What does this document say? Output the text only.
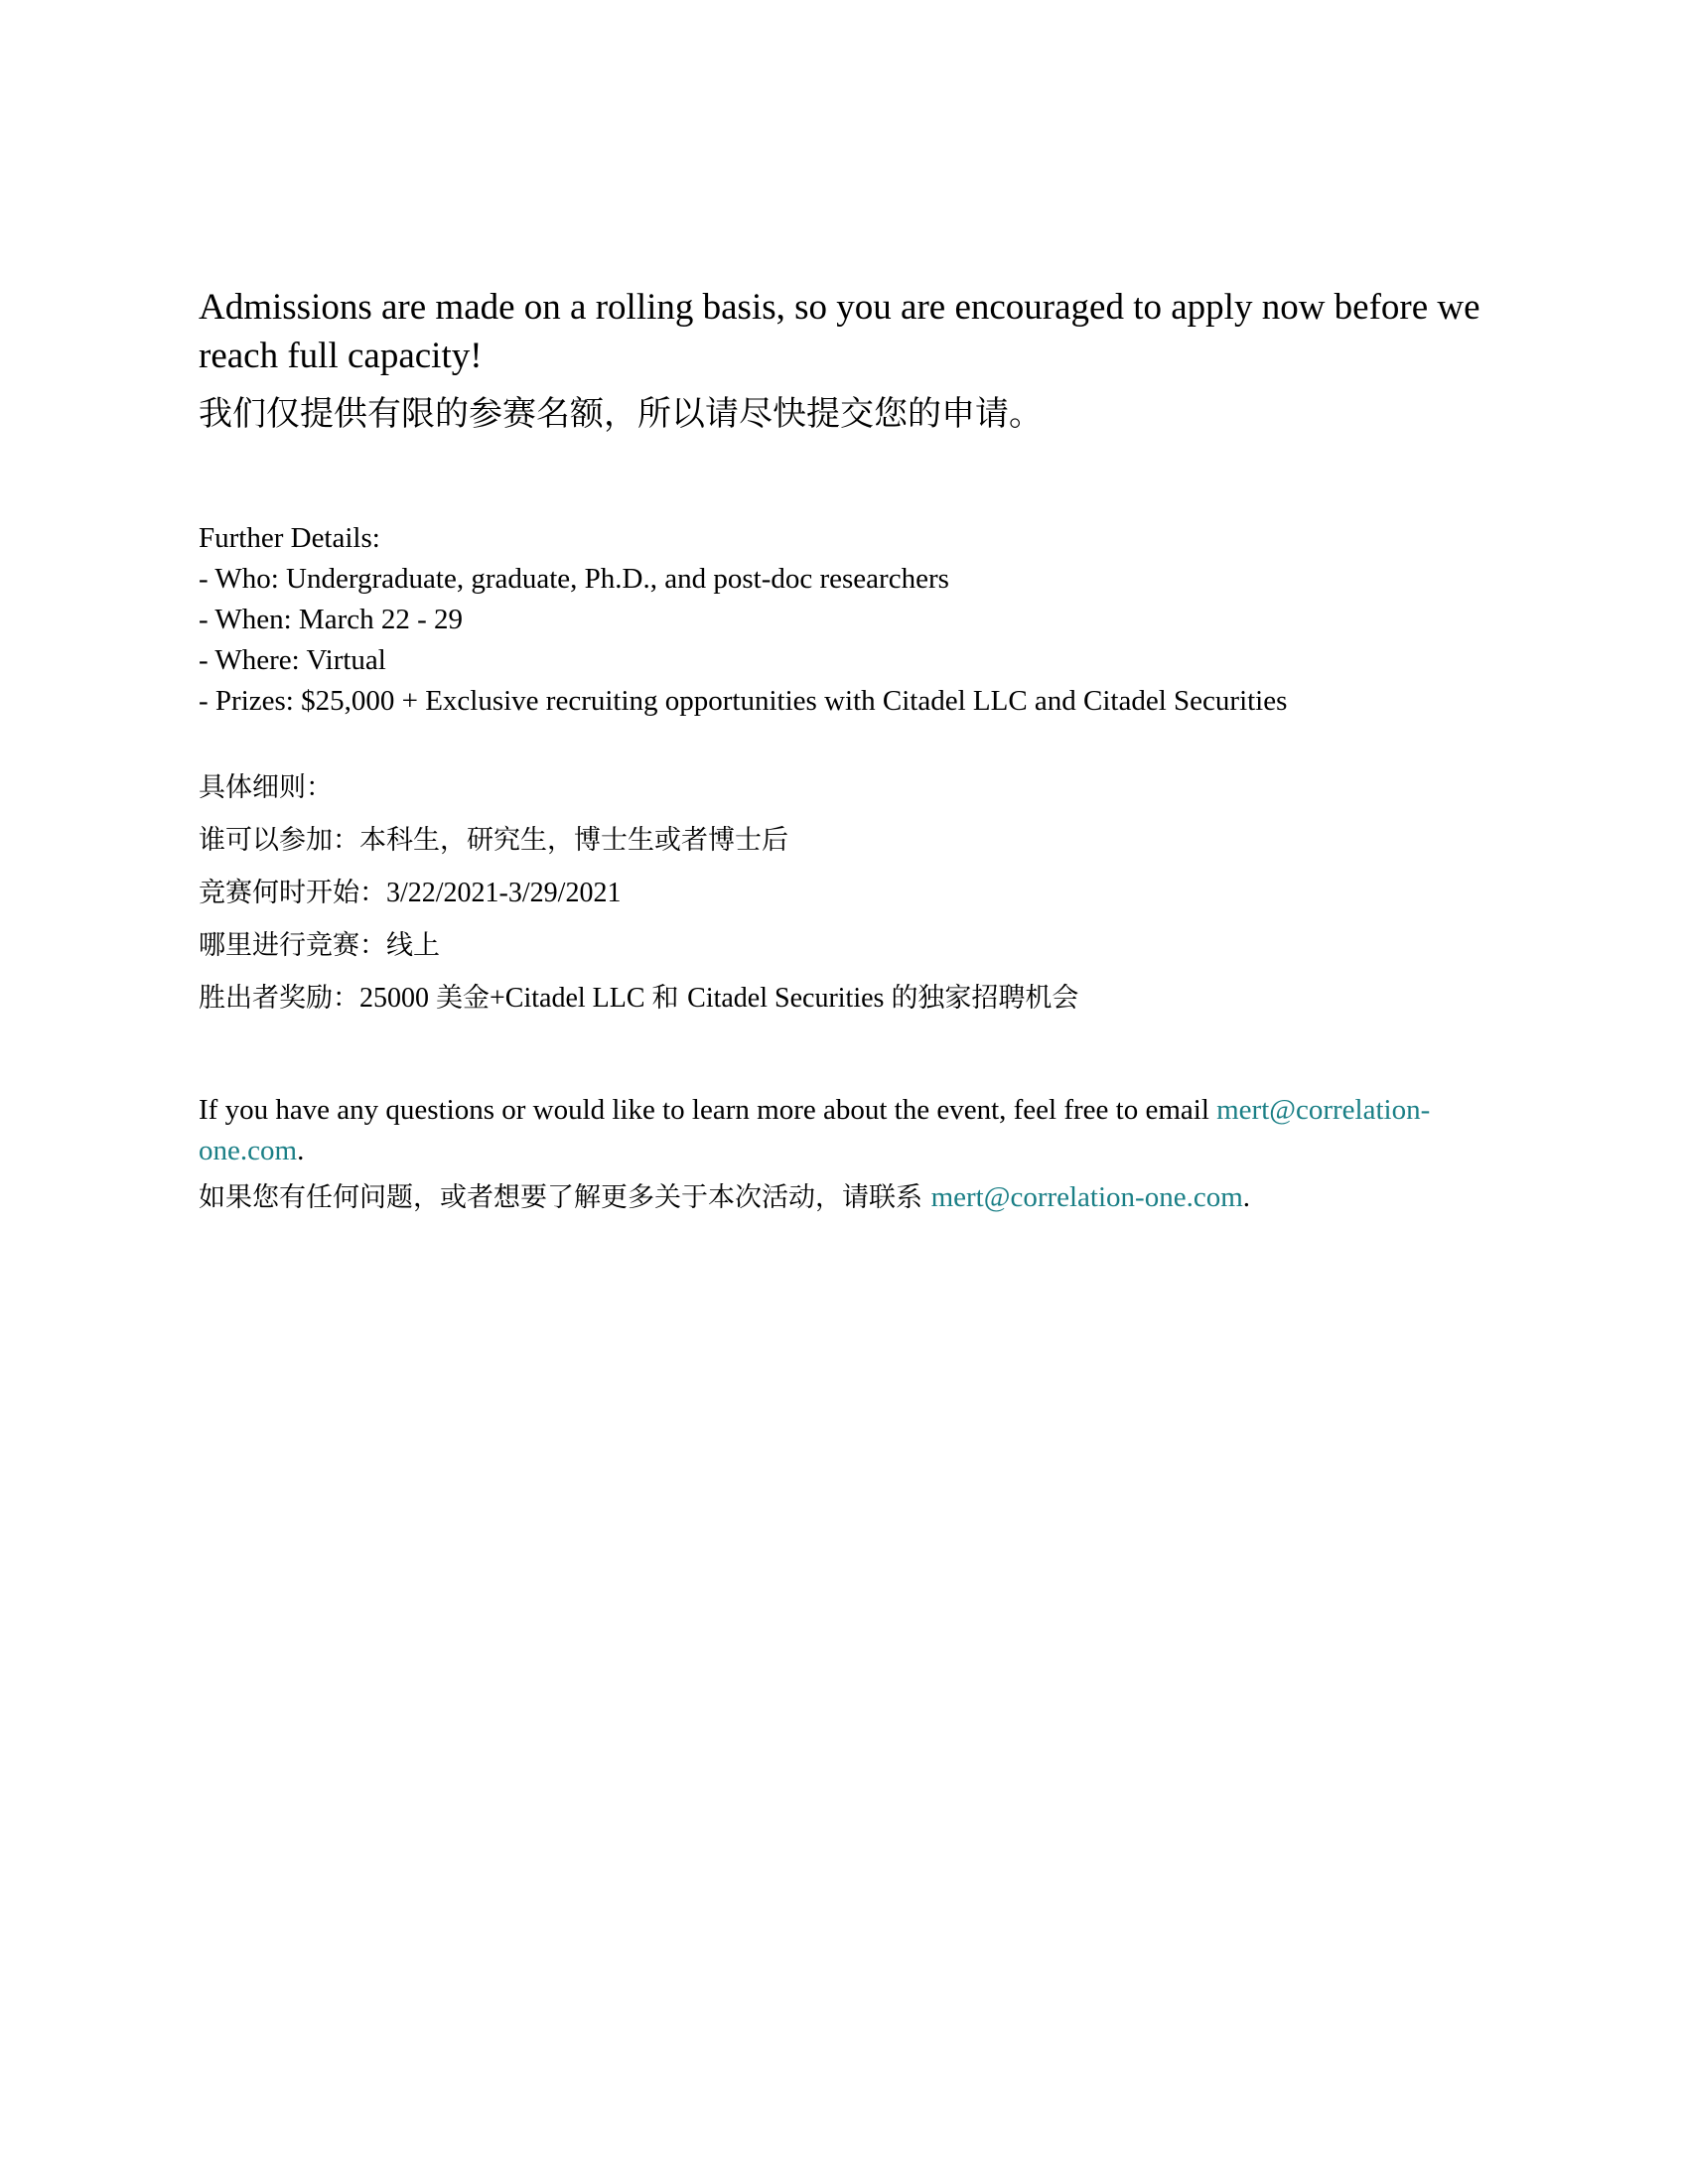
Admissions are made on a rolling basis, so you are encouraged to apply now before we reach full capacity!
我们仅提供有限的参赛名额，所以请尽快提交您的申请。
Further Details:
- Who: Undergraduate, graduate, Ph.D., and post-doc researchers
- When: March 22 - 29
- Where: Virtual
- Prizes: $25,000 + Exclusive recruiting opportunities with Citadel LLC and Citadel Securities
具体细则：
谁可以参加：本科生，研究生，博士生或者博士后
竞赛何时开始：3/22/2021-3/29/2021
哪里进行竞赛：线上
胜出者奖励：25000 美金+Citadel LLC 和 Citadel Securities 的独家招聘机会
If you have any questions or would like to learn more about the event, feel free to email mert@correlation-one.com.
如果您有任何问题，或者想要了解更多关于本次活动，请联系 mert@correlation-one.com.
